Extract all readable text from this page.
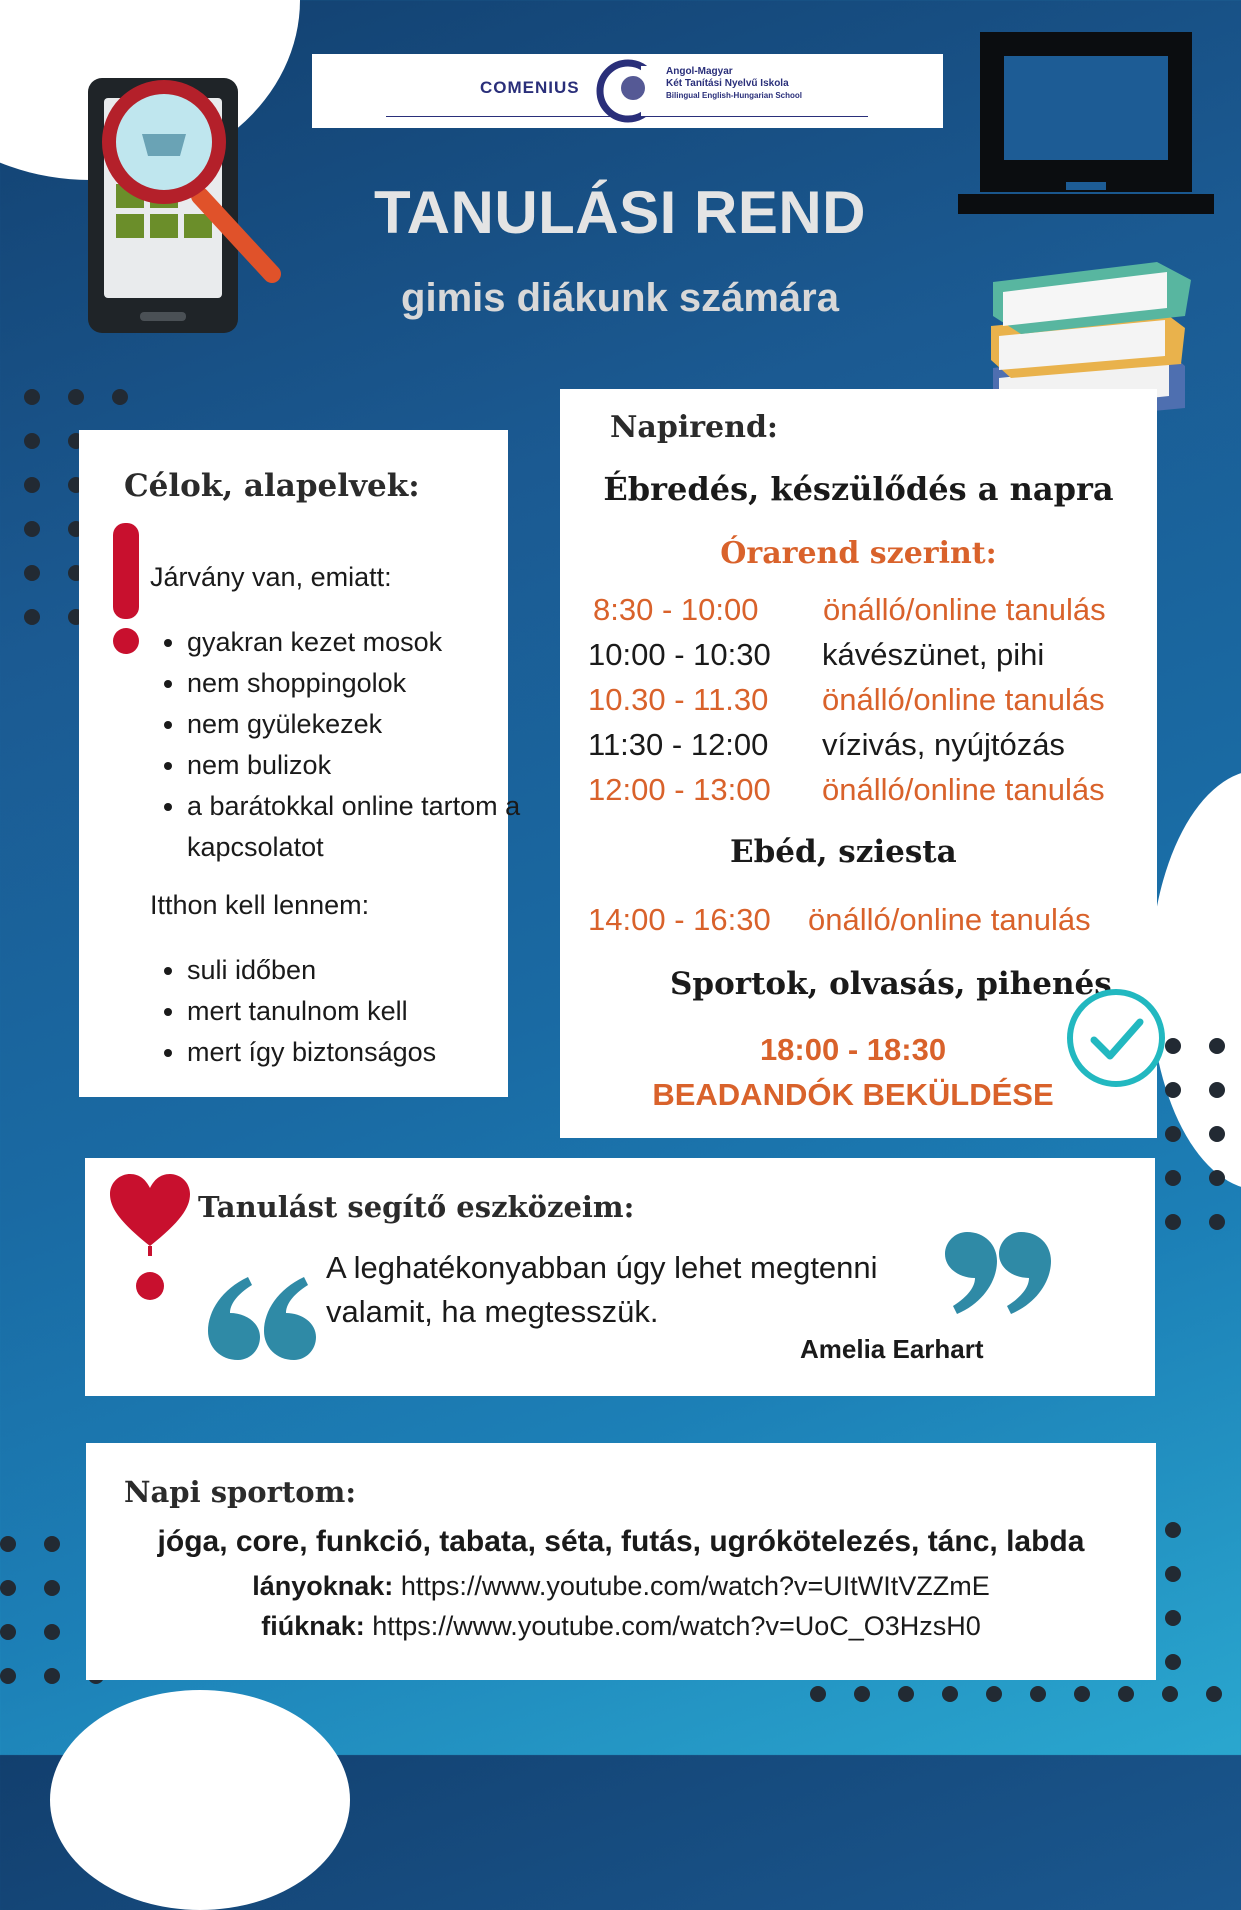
COMENIUS
Angol-Magyar
Két Tanítási Nyelvű Iskola
Bilingual English-Hungarian School
TANULÁSI REND
gimis diákunk számára
Célok, alapelvek:
Járvány van, emiatt:
• gyakran kezet mosok
• nem shoppingolok
• nem gyülekezek
• nem bulizok
• a barátokkal online tartom a kapcsolatot
Itthon kell lennem:
• suli időben
• mert tanulnom kell
• mert így biztonságos
Napirend:
Ébredés, készülődés a napra
Órarend szerint:
8:30 - 10:00 önálló/online tanulás
10:00 - 10:30 kávészünet, pihi
10.30 - 11.30 önálló/online tanulás
11:30 - 12:00 vízivás, nyújtózás
12:00 - 13:00 önálló/online tanulás
Ebéd, sziesta
14:00 - 16:30 önálló/online tanulás
Sportok, olvasás, pihenés
18:00 - 18:30
BEADANDÓK BEKÜLDÉSE
Tanulást segítő eszközeim:
A leghatékonyabban úgy lehet megtenni
valamit, ha megtesszük.
Amelia Earhart
Napi sportom:
jóga, core, funkció, tabata, séta, futás, ugrókötelezés, tánc, labda
lányoknak: https://www.youtube.com/watch?v=UItWItVZZmE
fiúknak: https://www.youtube.com/watch?v=UoC_O3HzsH0
